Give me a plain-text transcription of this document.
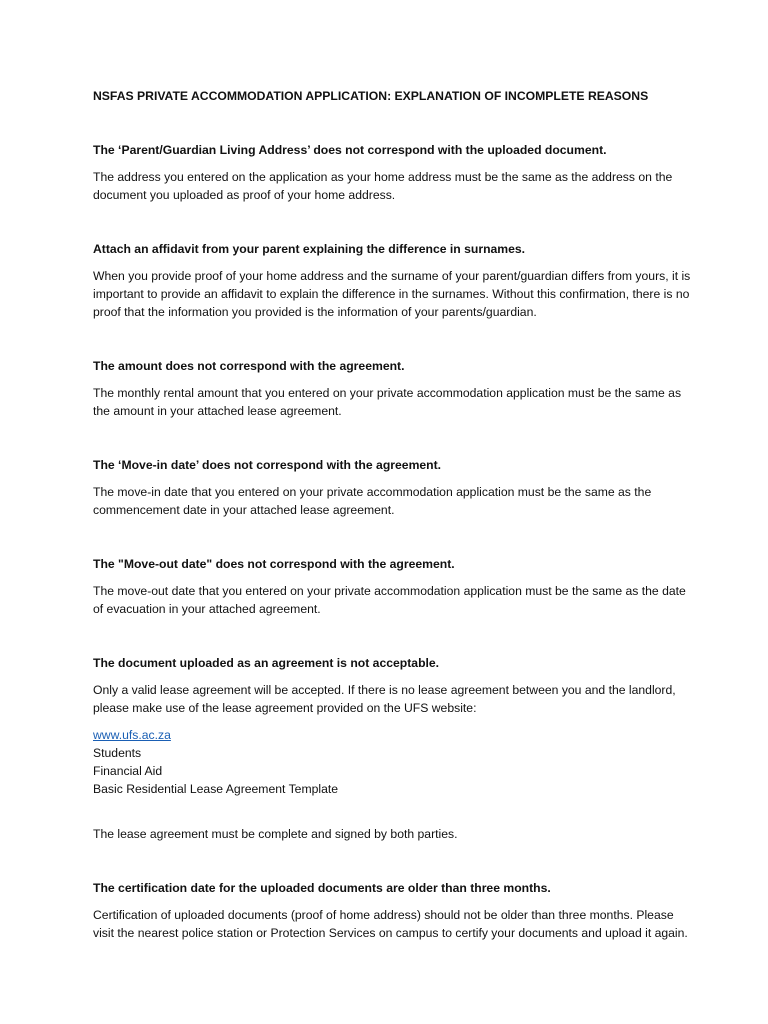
NSFAS PRIVATE ACCOMMODATION APPLICATION: EXPLANATION OF INCOMPLETE REASONS

The ‘Parent/Guardian Living Address’ does not correspond with the uploaded document.

The address you entered on the application as your home address must be the same as the address on the document you uploaded as proof of your home address.

Attach an affidavit from your parent explaining the difference in surnames.

When you provide proof of your home address and the surname of your parent/guardian differs from yours, it is important to provide an affidavit to explain the difference in the surnames. Without this confirmation, there is no proof that the information you provided is the information of your parents/guardian.

The amount does not correspond with the agreement.

The monthly rental amount that you entered on your private accommodation application must be the same as the amount in your attached lease agreement.

The ‘Move-in date’ does not correspond with the agreement.

The move-in date that you entered on your private accommodation application must be the same as the commencement date in your attached lease agreement.

The "Move-out date" does not correspond with the agreement.

The move-out date that you entered on your private accommodation application must be the same as the date of evacuation in your attached agreement.

The document uploaded as an agreement is not acceptable.

Only a valid lease agreement will be accepted. If there is no lease agreement between you and the landlord, please make use of the lease agreement provided on the UFS website:

www.ufs.ac.za
Students
Financial Aid
Basic Residential Lease Agreement Template

The lease agreement must be complete and signed by both parties.

The certification date for the uploaded documents are older than three months.

Certification of uploaded documents (proof of home address) should not be older than three months. Please visit the nearest police station or Protection Services on campus to certify your documents and upload it again.
